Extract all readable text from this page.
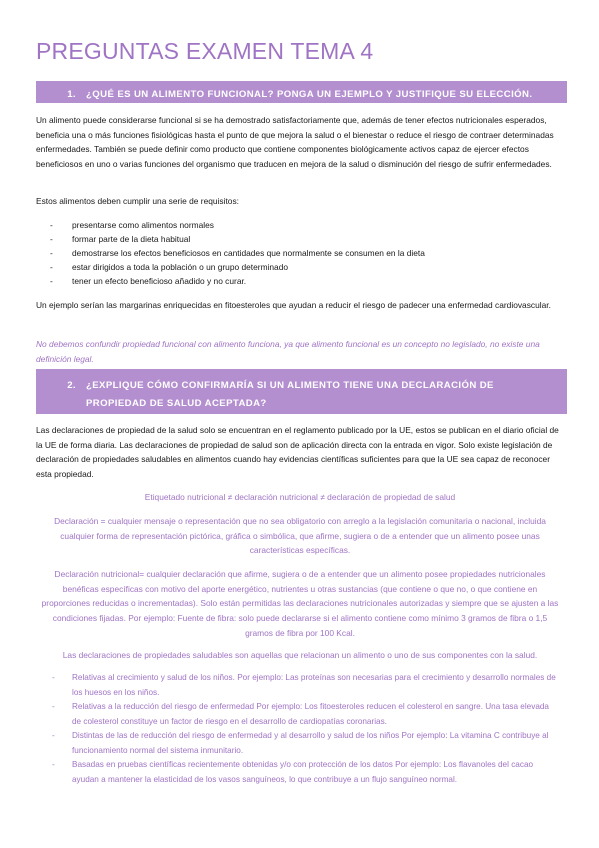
PREGUNTAS EXAMEN TEMA 4
1. ¿QUÉ ES UN ALIMENTO FUNCIONAL? PONGA UN EJEMPLO Y JUSTIFIQUE SU ELECCIÓN.

Un alimento puede considerarse funcional si se ha demostrado satisfactoriamente que, además de tener efectos nutricionales esperados, beneficia una o más funciones fisiológicas hasta el punto de que mejora la salud o el bienestar o reduce el riesgo de contraer determinadas enfermedades. También se puede definir como producto que contiene componentes biológicamente activos capaz de ejercer efectos beneficiosos en uno o varias funciones del organismo que traducen en mejora de la salud o disminución del riesgo de sufrir enfermedades.

Estos alimentos deben cumplir una serie de requisitos:

- presentarse como alimentos normales
- formar parte de la dieta habitual
- demostrarse los efectos beneficiosos en cantidades que normalmente se consumen en la dieta
- estar dirigidos a toda la población o un grupo determinado
- tener un efecto beneficioso añadido y no curar.

Un ejemplo serían las margarinas enriquecidas en fitoesteroles que ayudan a reducir el riesgo de padecer una enfermedad cardiovascular.

No debemos confundir propiedad funcional con alimento funciona, ya que alimento funcional es un concepto no legislado, no existe una definición legal.

2. ¿EXPLIQUE CÓMO CONFIRMARÍA SI UN ALIMENTO TIENE UNA DECLARACIÓN DE PROPIEDAD DE SALUD ACEPTADA?

Las declaraciones de propiedad de la salud solo se encuentran en el reglamento publicado por la UE, estos se publican en el diario oficial de la UE de forma diaria. Las declaraciones de propiedad de salud son de aplicación directa con la entrada en vigor. Solo existe legislación de declaración de propiedades saludables en alimentos cuando hay evidencias científicas suficientes para que la UE sea capaz de reconocer esta propiedad.

Etiquetado nutricional ≠ declaración nutricional ≠ declaración de propiedad de salud

Declaración = cualquier mensaje o representación que no sea obligatorio con arreglo a la legislación comunitaria o nacional, incluida cualquier forma de representación pictórica, gráfica o simbólica, que afirme, sugiera o de a entender que un alimento posee unas características específicas.

Declaración nutricional= cualquier declaración que afirme, sugiera o de a entender que un alimento posee propiedades nutricionales benéficas específicas con motivo del aporte energético, nutrientes u otras sustancias (que contiene o que no, o que contiene en proporciones reducidas o incrementadas). Solo están permitidas las declaraciones nutricionales autorizadas y siempre que se ajusten a las condiciones fijadas. Por ejemplo: Fuente de fibra: solo puede declararse si el alimento contiene como mínimo 3 gramos de fibra o 1,5 gramos de fibra por 100 Kcal.

Las declaraciones de propiedades saludables son aquellas que relacionan un alimento o uno de sus componentes con la salud.

- Relativas al crecimiento y salud de los niños. Por ejemplo: Las proteínas son necesarias para el crecimiento y desarrollo normales de los huesos en los niños.
- Relativas a la reducción del riesgo de enfermedad Por ejemplo: Los fitoesteroles reducen el colesterol en sangre. Una tasa elevada de colesterol constituye un factor de riesgo en el desarrollo de cardiopatías coronarias.
- Distintas de las de reducción del riesgo de enfermedad y al desarrollo y salud de los niños Por ejemplo: La vitamina C contribuye al funcionamiento normal del sistema inmunitario.
- Basadas en pruebas científicas recientemente obtenidas y/o con protección de los datos Por ejemplo: Los flavanoles del cacao ayudan a mantener la elasticidad de los vasos sanguíneos, lo que contribuye a un flujo sanguíneo normal.
